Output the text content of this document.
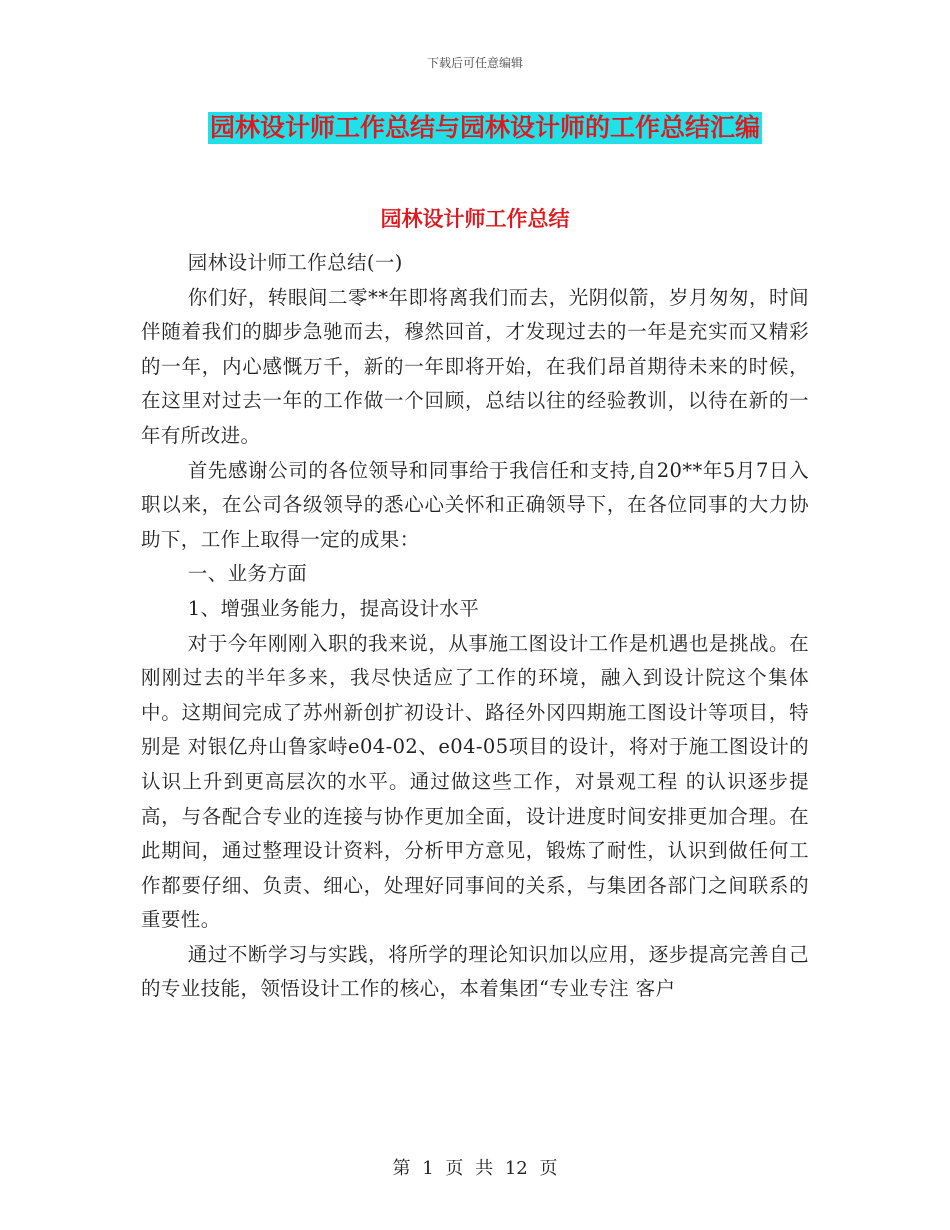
下载后可任意编辑
园林设计师工作总结与园林设计师的工作总结汇编
园林设计师工作总结

园林设计师工作总结(一)

你们好，转眼间二零**年即将离我们而去，光阴似箭，岁月匆匆，时间伴随着我们的脚步急驰而去，穆然回首，才发现过去的一年是充实而又精彩的一年，内心感慨万千，新的一年即将开始，在我们昂首期待未来的时候，在这里对过去一年的工作做一个回顾，总结以往的经验教训，以待在新的一年有所改进。

首先感谢公司的各位领导和同事给于我信任和支持,自20**年5月7日入职以来，在公司各级领导的悉心心关怀和正确领导下，在各位同事的大力协助下，工作上取得一定的成果：

一、业务方面

1、增强业务能力，提高设计水平

对于今年刚刚入职的我来说，从事施工图设计工作是机遇也是挑战。在刚刚过去的半年多来，我尽快适应了工作的环境，融入到设计院这个集体中。这期间完成了苏州新创扩初设计、路径外冈四期施工图设计等项目，特别是 对银亿舟山鲁家峙e04-02、e04-05项目的设计，将对于施工图设计的认识上升到更高层次的水平。通过做这些工作，对景观工程 的认识逐步提高，与各配合专业的连接与协作更加全面，设计进度时间安排更加合理。在此期间，通过整理设计资料，分析甲方意见，锻炼了耐性，认识到做任何工作都要仔细、负责、细心，处理好同事间的关系，与集团各部门之间联系的重要性。

通过不断学习与实践，将所学的理论知识加以应用，逐步提高完善自己的专业技能，领悟设计工作的核心，本着集团“专业专注 客户

第 1 页 共 12 页
